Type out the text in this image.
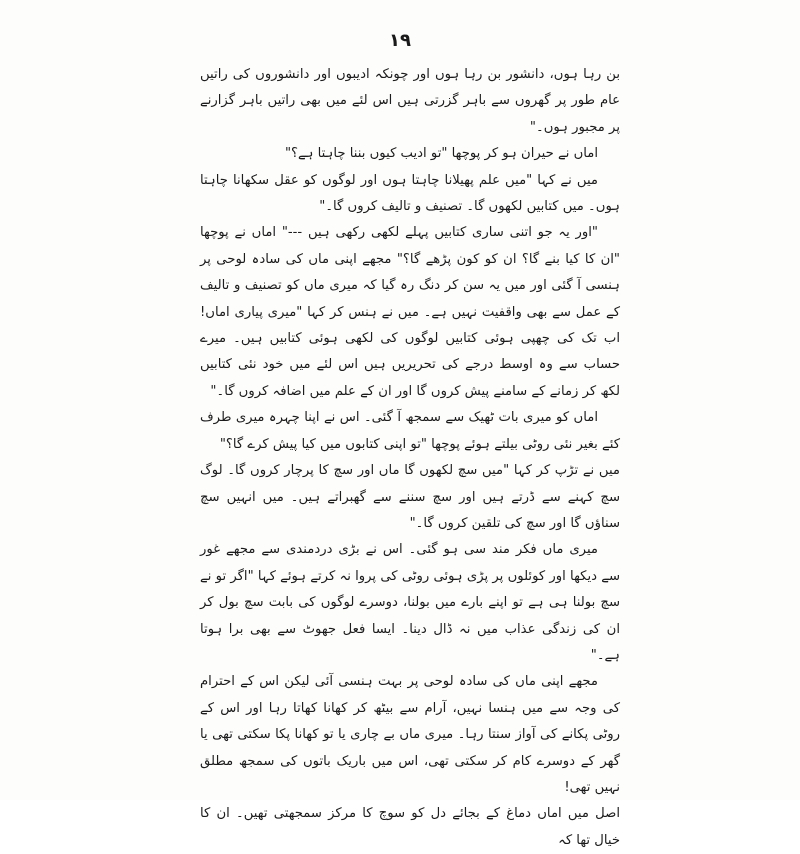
۱۹

بن رہا ہوں، دانشور بن رہا ہوں اور چونکہ ادیبوں اور دانشوروں کی راتیں عام طور پر گھروں سے باہر گزرتی ہیں اس لئے میں بھی راتیں باہر گزارنے پر مجبور ہوں۔"

اماں نے حیران ہو کر پوچھا "تو ادیب کیوں بننا چاہتا ہے؟"

میں نے کہا "میں علم پھیلانا چاہتا ہوں اور لوگوں کو عقل سکھانا چاہتا ہوں۔ میں کتابیں لکھوں گا۔ تصنیف و تالیف کروں گا۔"

"اور یہ جو اتنی ساری کتابیں پہلے لکھی رکھی ہیں ---" اماں نے پوچھا "ان کا کیا بنے گا؟ ان کو کون پڑھے گا؟" مجھے اپنی ماں کی سادہ لوحی پر ہنسی آ گئی اور میں یہ سن کر دنگ رہ گیا کہ میری ماں کو تصنیف و تالیف کے عمل سے بھی واقفیت نہیں ہے۔ میں نے ہنس کر کہا "میری پیاری اماں! اب تک کی چھپی ہوئی کتابیں لوگوں کی لکھی ہوئی کتابیں ہیں۔ میرے حساب سے وہ اوسط درجے کی تحریریں ہیں اس لئے میں خود نئی کتابیں لکھ کر زمانے کے سامنے پیش کروں گا اور ان کے علم میں اضافہ کروں گا۔"

اماں کو میری بات ٹھیک سے سمجھ آ گئی۔ اس نے اپنا چہرہ میری طرف کئے بغیر نئی روٹی بیلتے ہوئے پوچھا "تو اپنی کتابوں میں کیا پیش کرے گا؟"

میں نے تڑپ کر کہا "میں سچ لکھوں گا ماں اور سچ کا پرچار کروں گا۔ لوگ سچ کہنے سے ڈرتے ہیں اور سچ سننے سے گھبراتے ہیں۔ میں انہیں سچ سناؤں گا اور سچ کی تلقین کروں گا۔"

میری ماں فکر مند سی ہو گئی۔ اس نے بڑی دردمندی سے مجھے غور سے دیکھا اور کوئلوں پر پڑی ہوئی روٹی کی پروا نہ کرتے ہوئے کہا "اگر تو نے سچ بولنا ہی ہے تو اپنے بارے میں بولنا، دوسرے لوگوں کی بابت سچ بول کر ان کی زندگی عذاب میں نہ ڈال دینا۔ ایسا فعل جھوٹ سے بھی برا ہوتا ہے۔"

مجھے اپنی ماں کی سادہ لوحی پر بہت ہنسی آئی لیکن اس کے احترام کی وجہ سے میں ہنسا نہیں، آرام سے بیٹھ کر کھانا کھاتا رہا اور اس کے روٹی پکانے کی آواز سنتا رہا۔ میری ماں بے چاری یا تو کھانا پکا سکتی تھی یا گھر کے دوسرے کام کر سکتی تھی، اس میں باریک باتوں کی سمجھ مطلق نہیں تھی!

اصل میں اماں دماغ کے بجائے دل کو سوچ کا مرکز سمجھتی تھیں۔ ان کا خیال تھا کہ
